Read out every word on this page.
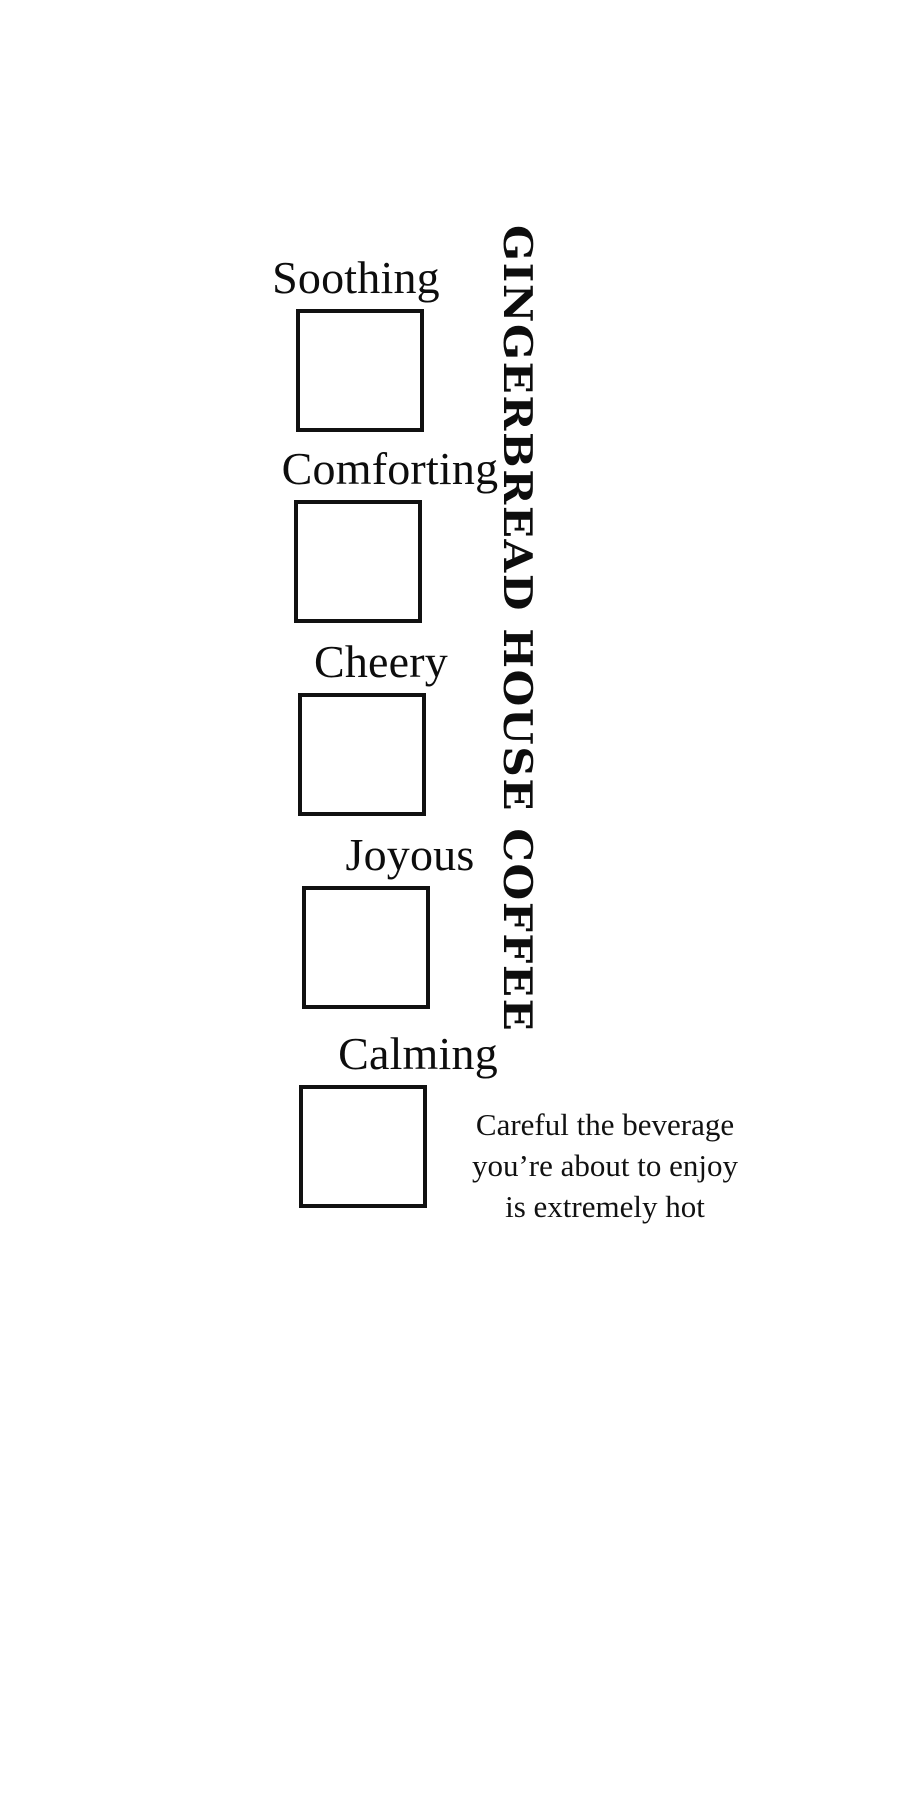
Soothing
Comforting
Cheery
Joyous
Calming
GINGERBREAD HOUSE COFFEE
Careful the beverage you’re about to enjoy is extremely hot
